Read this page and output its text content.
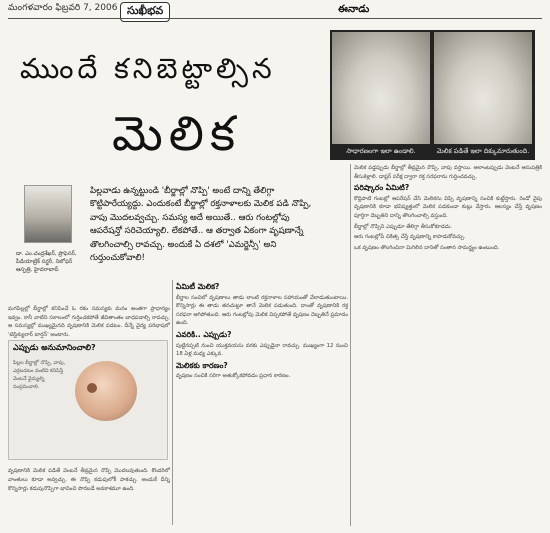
మంగళవారం ఫిబ్రవరి 7, 2006 సుఖీభవ	ఈనాడు
ముందే కనిబెట్టాల్సిన
మెలిక	సాధారణంగా ఇలా ఉండాలి.	మెలిక పడితే ఇలా దిక్కుమారుతుంది.
డా. ఎం.చంద్రశేఖర్, ప్రొఫెసర్, పీడియాట్రిక్ సర్జరీ, నిలోఫర్ ఆస్పత్రి, హైదరాబాద్
పిల్లవాడు ఉన్నట్టుండి 'బీర్జాల్లో నొప్పి' అంటే దాన్ని తేలిగ్గా కొట్టిపారేయ్యద్దు. ఎందుకంటే బీర్జాల్లో రక్తనాళాలకు మెలిక పడి నొప్పి, వాపు మొదలవ్వచ్చు. సమస్య అదే అయితే.. ఆరు గంటల్లోపు ఆపరేషన్తో సరిచెయ్యాలి. లేకపోతే.. ఆ తర్వాత ఏకంగా వృషణాన్నే తొలగించాల్సి రావచ్చు. అందుకే ఏ దశలో 'ఎమర్జెన్సీ' అని గుర్తుంచుకోవాలి!
మగపిల్లల్లో బీర్జాల్లో కనిపించే ఓ రకం సమస్యకు మనం అంతగా ప్రాధాన్యం ఇవ్వం. కానీ వాటిని సకాలంలో గుర్తించకపోతే జీవితాంతం బాధపడాల్సి రావచ్చు. ఆ సమస్యల్లో ముఖ్యమైనది వృషణానికి మెలిక పడటం. దీన్నే వైద్య పరిభాషలో 'టెస్టిక్యులార్ టార్షన్' అంటారు.
వృషణానికి మెలిక పడితే వెంటనే తీవ్రమైన నొప్పి మొదలవుతుంది. కొందరిలో వాంతులు కూడా అవ్వచ్చు. ఈ నొప్పి కడుపులోకీ పాకచ్చు. అందుకే దీన్ని కొన్నిసార్లు కడుపునొప్పిగా భావించి పొరబడే అవకాశమూ ఉంది.
ఎప్పుడు అనుమానించాలి?
పిల్లల బీర్జాల్లో నొప్పి, వాపు, ఎర్రబడటం వంటివి కనిపిస్తే వెంటనే వైద్యుల్ని సంప్రదించాలి.
ఏమిటీ మెలిక?
బీర్జాల సంచిలో వృషణాలు తాడు లాంటి రక్తనాళాల సహాయంతో వేలాడుతుంటాయి. కొన్నిసార్లు ఈ తాడు తనచుట్టూ తానే మెలిక పడుతుంది. దాంతో వృషణానికి రక్త సరఫరా ఆగిపోతుంది. ఆరు గంటల్లోపు మెలిక విప్పకపోతే వృషణం దెబ్బతినే ప్రమాదం ఉంది.
ఎవరికి.. ఎప్పుడు?
పుట్టినప్పటి నుంచి యుక్తవయసు వరకు ఎప్పుడైనా రావచ్చు. ముఖ్యంగా 12 నుంచి 18 ఏళ్ల మధ్య ఎక్కువ.
మెలికకు కారణం?
వృషణం సంచికి సరిగా అతుక్కోకపోవడం ప్రధాన కారణం.
మెలిక పడ్డప్పుడు బీర్జాల్లో తీవ్రమైన నొప్పి, వాపు వస్తాయి. అలాంటప్పుడు వెంటనే ఆసుపత్రికి తీసుకెళ్లాలి. డాప్లర్ పరీక్ష ద్వారా రక్త సరఫరాను గుర్తించవచ్చు.
పరిష్కారం ఏమిటి?
కొద్దిపాటి గంటల్లో ఆపరేషన్ చేసి మెలికను విప్పి వృషణాన్ని సంచికి కుట్టేస్తారు. రెండో వైపు వృషణానికి కూడా భవిష్యత్తులో మెలిక పడకుండా కుట్లు వేస్తారు. ఆలస్యం చేస్తే వృషణం పూర్తిగా దెబ్బతిని దాన్ని తొలగించాల్సి వస్తుంది.
బీర్జాల్లో నొప్పిని ఎప్పుడూ తేలిగ్గా తీసుకోకూడదు.
ఆరు గంటల్లోపే చికిత్స చేస్తే వృషణాన్ని కాపాడుకోవచ్చు.
ఒక వృషణం తొలగించినా మిగిలిన దానితో సంతాన సామర్థ్యం ఉంటుంది.
